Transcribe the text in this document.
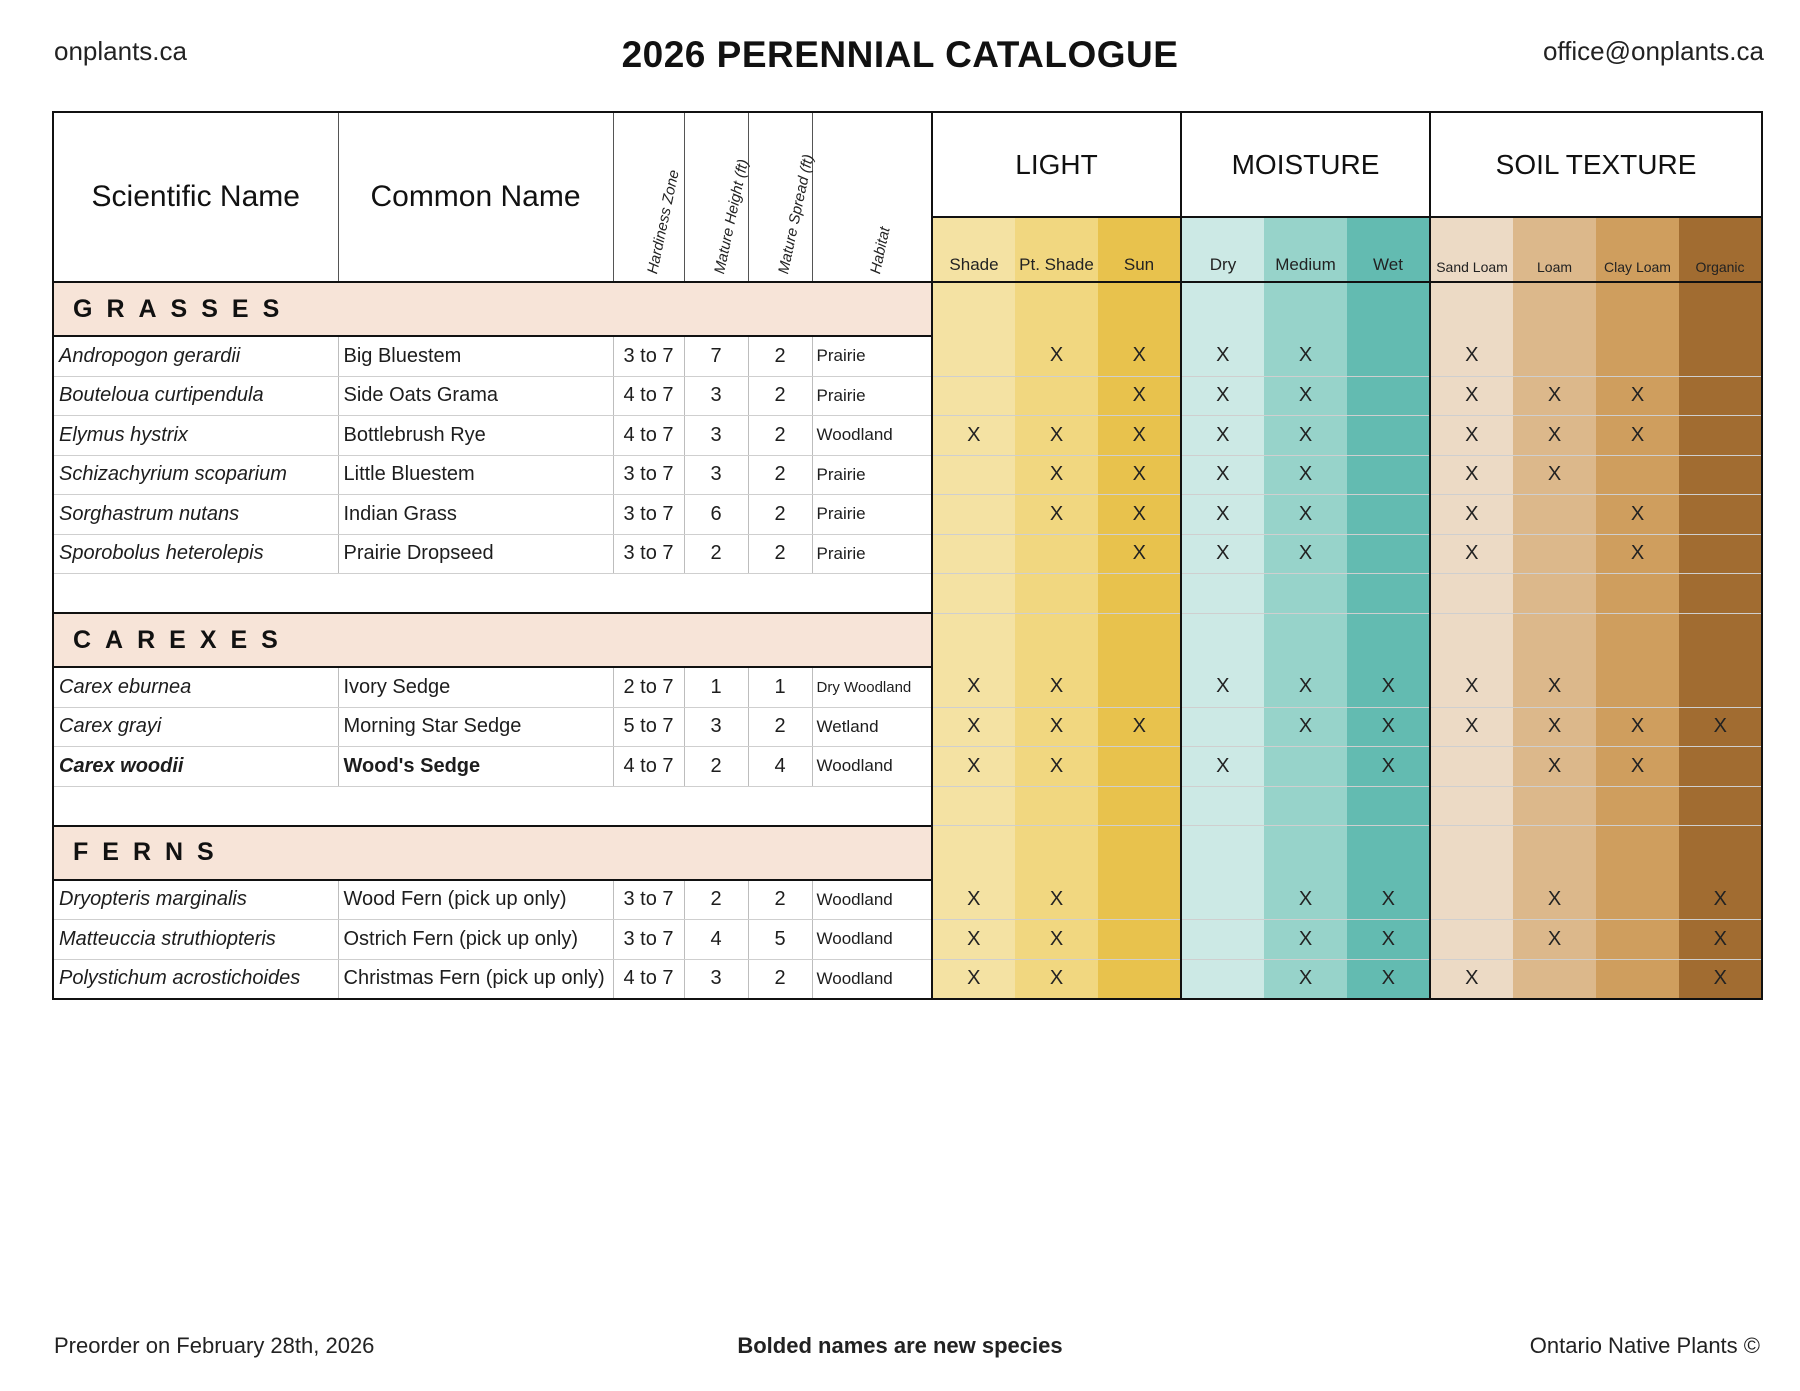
onplants.ca	2026 PERENNIAL CATALOGUE	office@onplants.ca
Scientific Name	Common Name	Hardiness Zone	Mature Height (ft)	Mature Spread (ft)	Habitat	LIGHT			MOISTURE			SOIL TEXTURE			
						Shade	Pt. Shade	Sun	Dry	Medium	Wet	Sand Loam	Loam	Clay Loam	Organic
GRASSES															
Andropogon gerardii	Big Bluestem	3 to 7	7	2	Prairie		X	X	X	X		X			
Bouteloua curtipendula	Side Oats Grama	4 to 7	3	2	Prairie			X	X	X		X	X	X	
Elymus hystrix	Bottlebrush Rye	4 to 7	3	2	Woodland	X	X	X	X	X		X	X	X	
Schizachyrium scoparium	Little Bluestem	3 to 7	3	2	Prairie		X	X	X	X		X	X		
Sorghastrum nutans	Indian Grass	3 to 7	6	2	Prairie		X	X	X	X		X		X	
Sporobolus heterolepis	Prairie Dropseed	3 to 7	2	2	Prairie			X	X	X		X		X	

CAREXES															
Carex eburnea	Ivory Sedge	2 to 7	1	1	Dry Woodland	X	X		X	X	X	X	X		
Carex grayi	Morning Star Sedge	5 to 7	3	2	Wetland	X	X	X		X	X	X	X	X	X
Carex woodii	Wood's Sedge	4 to 7	2	4	Woodland	X	X		X		X		X	X	

FERNS															
Dryopteris marginalis	Wood Fern (pick up only)	3 to 7	2	2	Woodland	X	X			X	X		X		X
Matteuccia struthiopteris	Ostrich Fern (pick up only)	3 to 7	4	5	Woodland	X	X			X	X		X		X
Polystichum acrostichoides	Christmas Fern (pick up only)	4 to 7	3	2	Woodland	X	X			X	X	X			X
Preorder on February 28th, 2026	Bolded names are new species	Ontario Native Plants ©
